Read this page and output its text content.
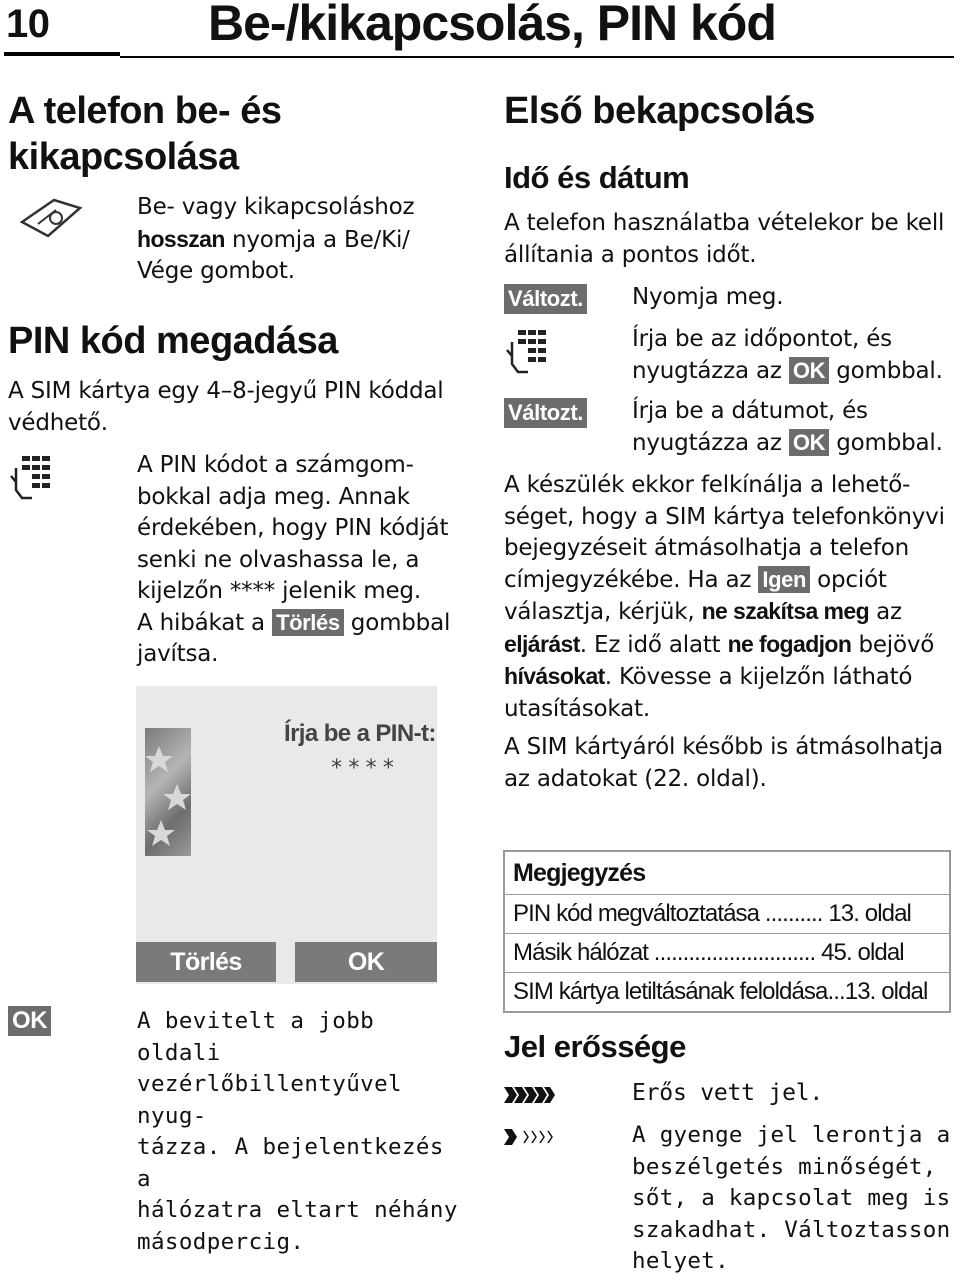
10	Be-/kikapcsolás, PIN kód
A telefon be- és
kikapcsolása
Be- vagy kikapcsoláshoz
hosszan nyomja a Be/Ki/
Vége gombot.
PIN kód megadása
A SIM kártya egy 4–8-jegyű PIN kóddal
védhető.
A PIN kódot a számgom-
bokkal adja meg. Annak
érdekében, hogy PIN kódját
senki ne olvashassa le, a
kijelzőn **** jelenik meg.
A hibákat a Törlés gombbal
javítsa.
Írja be a PIN-t:
****
Törlés	OK
OK	A bevitelt a jobb oldali
vezérlőbillentyűvel nyug-
tázza. A bejelentkezés a
hálózatra eltart néhány
másodpercig.
Első bekapcsolás
Idő és dátum
A telefon használatba vételekor be kell
állítania a pontos időt.
Változt. Nyomja meg.
Írja be az időpontot, és
nyugtázza az OK gombbal.
Változt. Írja be a dátumot, és
nyugtázza az OK gombbal.
A készülék ekkor felkínálja a lehető-
séget, hogy a SIM kártya telefonkönyvi
bejegyzéseit átmásolhatja a telefon
címjegyzékébe. Ha az Igen opciót
választja, kérjük, ne szakítsa meg az
eljárást. Ez idő alatt ne fogadjon bejövő
hívásokat. Kövesse a kijelzőn látható
utasításokat.
A SIM kártyáról később is átmásolhatja
az adatokat (22. oldal).
Megjegyzés
PIN kód megváltoztatása .......... 13. oldal
Másik hálózat ............................ 45. oldal
SIM kártya letiltásának feloldása...13. oldal
Jel erőssége
Erős vett jel.
A gyenge jel lerontja a
beszélgetés minőségét,
sőt, a kapcsolat meg is
szakadhat. Változtasson
helyet.
